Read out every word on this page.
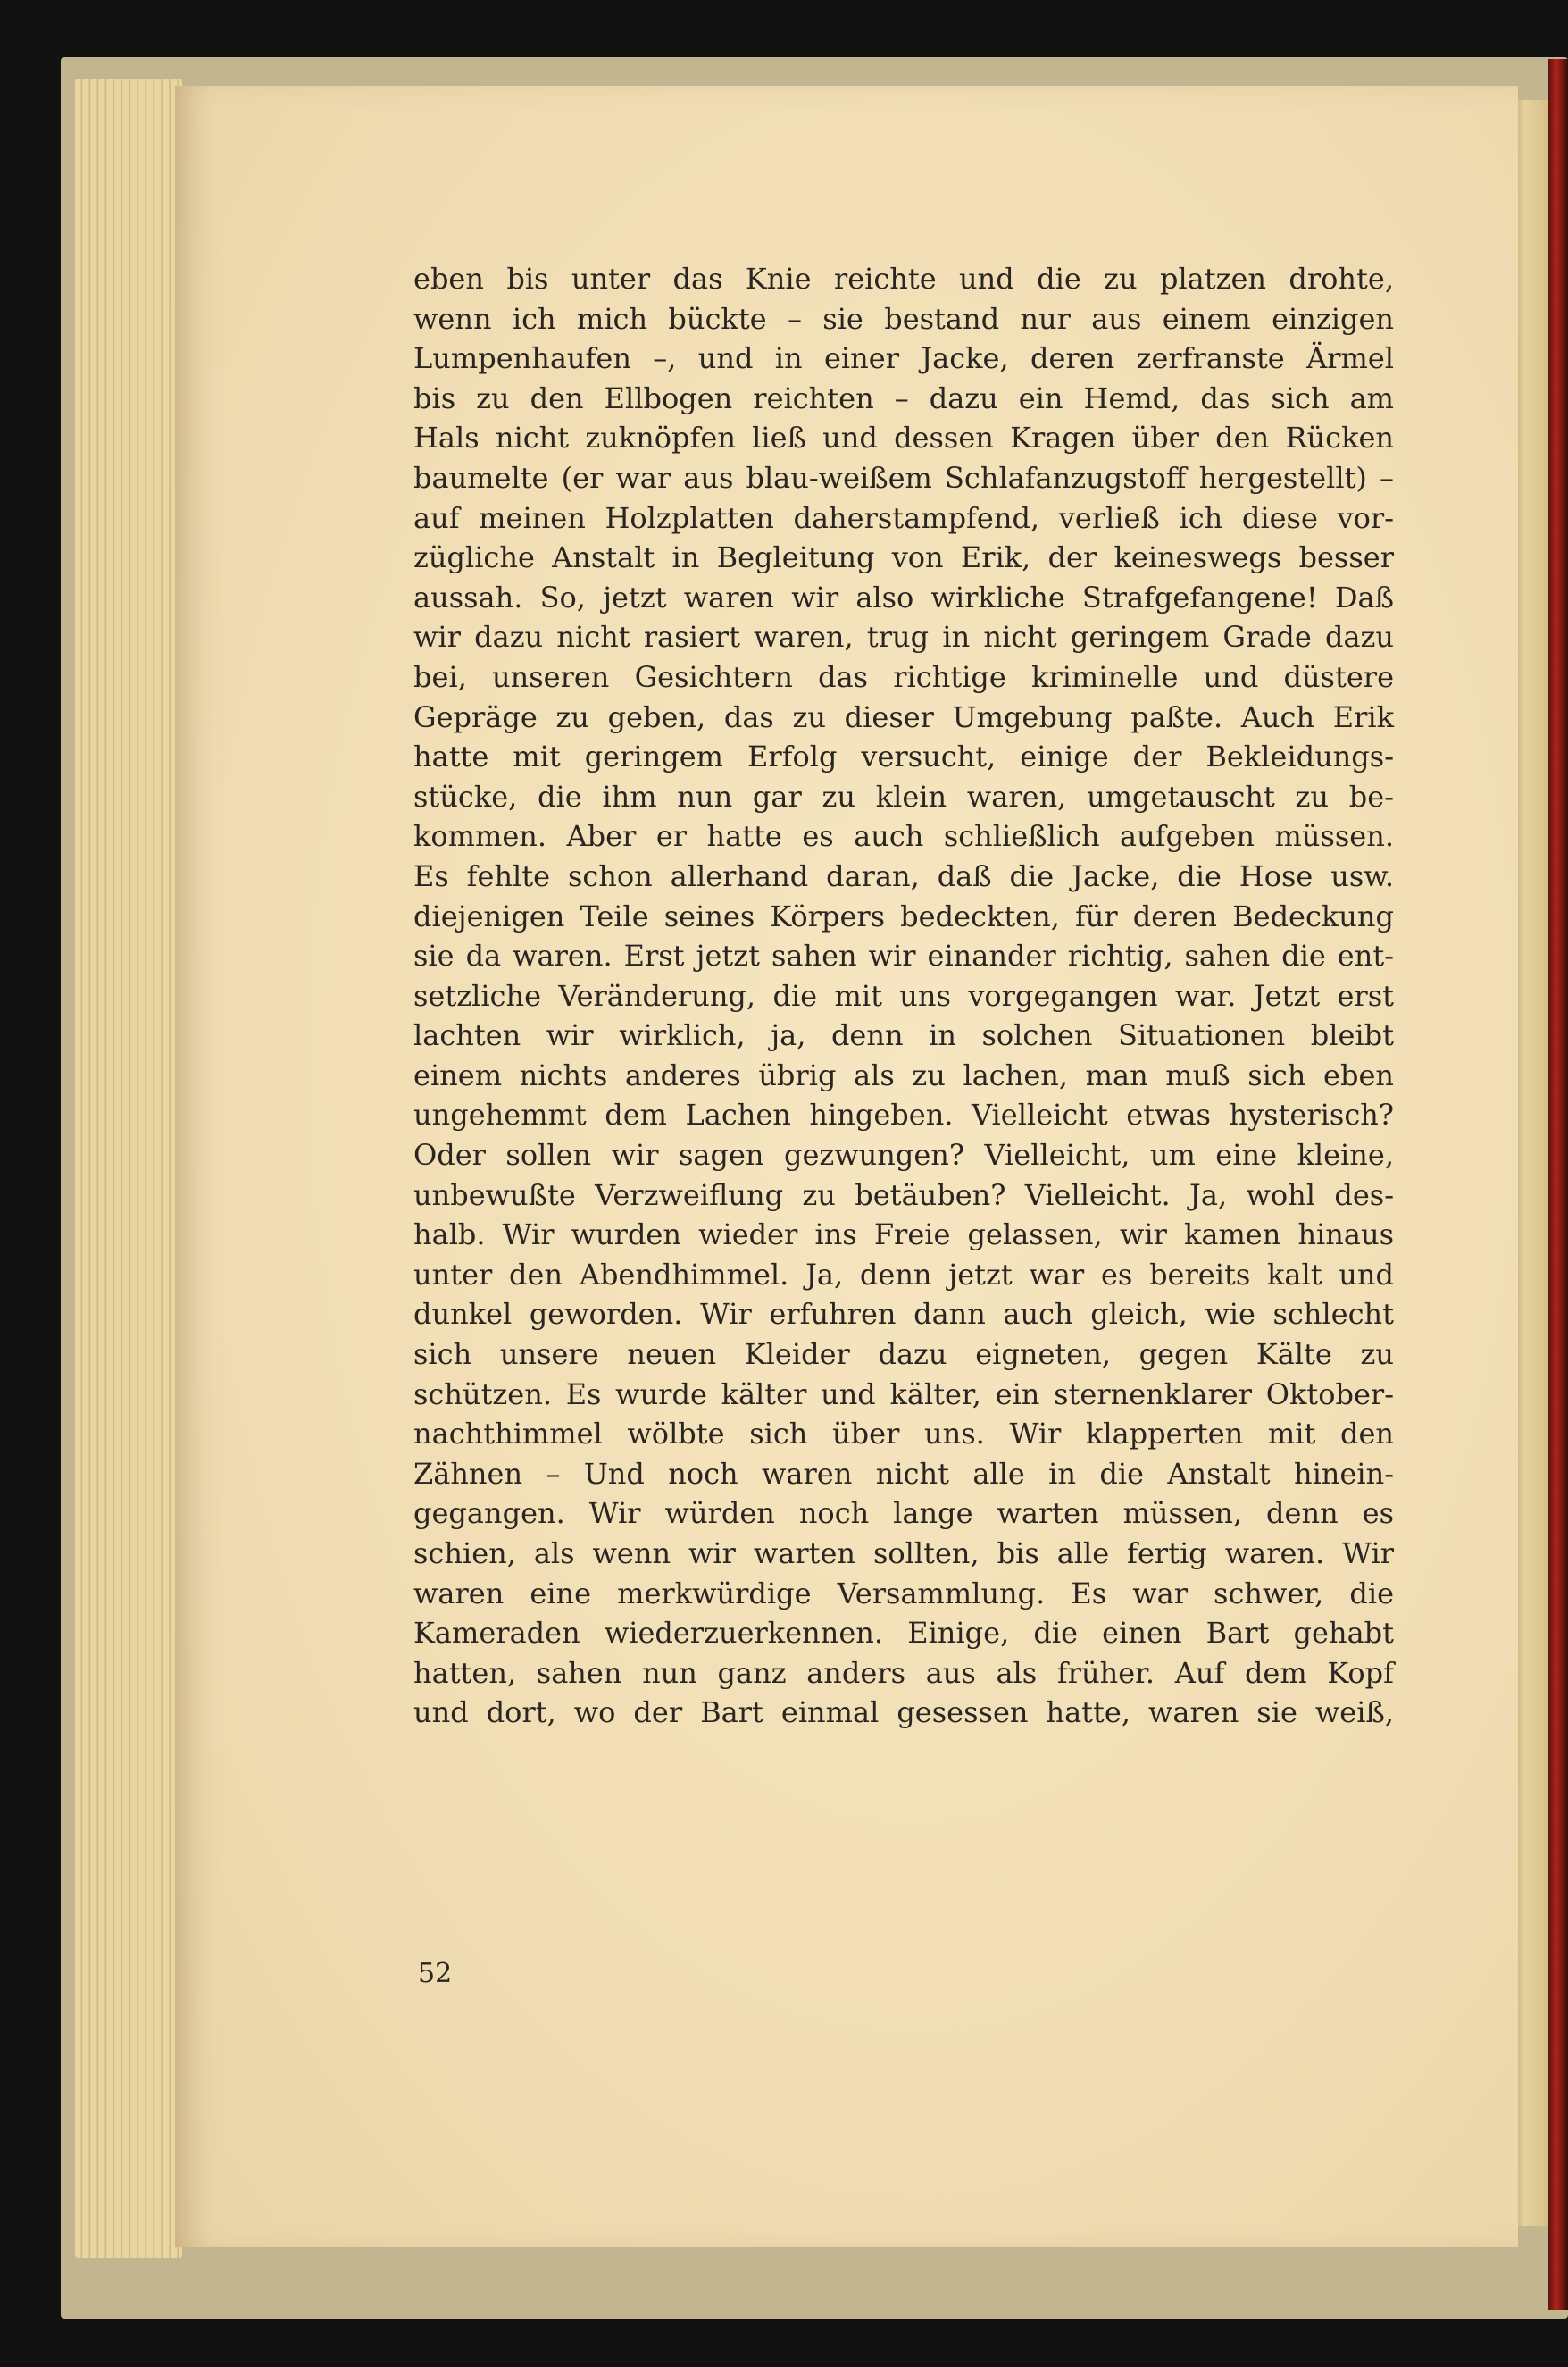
eben bis unter das Knie reichte und die zu platzen drohte,
wenn ich mich bückte – sie bestand nur aus einem einzigen
Lumpenhaufen –, und in einer Jacke, deren zerfranste Ärmel
bis zu den Ellbogen reichten – dazu ein Hemd, das sich am
Hals nicht zuknöpfen ließ und dessen Kragen über den Rücken
baumelte (er war aus blau-weißem Schlafanzugstoff hergestellt) –
auf meinen Holzplatten daherstampfend, verließ ich diese vor-
zügliche Anstalt in Begleitung von Erik, der keineswegs besser
aussah. So, jetzt waren wir also wirkliche Strafgefangene! Daß
wir dazu nicht rasiert waren, trug in nicht geringem Grade dazu
bei, unseren Gesichtern das richtige kriminelle und düstere
Gepräge zu geben, das zu dieser Umgebung paßte. Auch Erik
hatte mit geringem Erfolg versucht, einige der Bekleidungs-
stücke, die ihm nun gar zu klein waren, umgetauscht zu be-
kommen. Aber er hatte es auch schließlich aufgeben müssen.
Es fehlte schon allerhand daran, daß die Jacke, die Hose usw.
diejenigen Teile seines Körpers bedeckten, für deren Bedeckung
sie da waren. Erst jetzt sahen wir einander richtig, sahen die ent-
setzliche Veränderung, die mit uns vorgegangen war. Jetzt erst
lachten wir wirklich, ja, denn in solchen Situationen bleibt
einem nichts anderes übrig als zu lachen, man muß sich eben
ungehemmt dem Lachen hingeben. Vielleicht etwas hysterisch?
Oder sollen wir sagen gezwungen? Vielleicht, um eine kleine,
unbewußte Verzweiflung zu betäuben? Vielleicht. Ja, wohl des-
halb. Wir wurden wieder ins Freie gelassen, wir kamen hinaus
unter den Abendhimmel. Ja, denn jetzt war es bereits kalt und
dunkel geworden. Wir erfuhren dann auch gleich, wie schlecht
sich unsere neuen Kleider dazu eigneten, gegen Kälte zu
schützen. Es wurde kälter und kälter, ein sternenklarer Oktober-
nachthimmel wölbte sich über uns. Wir klapperten mit den
Zähnen – Und noch waren nicht alle in die Anstalt hinein-
gegangen. Wir würden noch lange warten müssen, denn es
schien, als wenn wir warten sollten, bis alle fertig waren. Wir
waren eine merkwürdige Versammlung. Es war schwer, die
Kameraden wiederzuerkennen. Einige, die einen Bart gehabt
hatten, sahen nun ganz anders aus als früher. Auf dem Kopf
und dort, wo der Bart einmal gesessen hatte, waren sie weiß,
52
